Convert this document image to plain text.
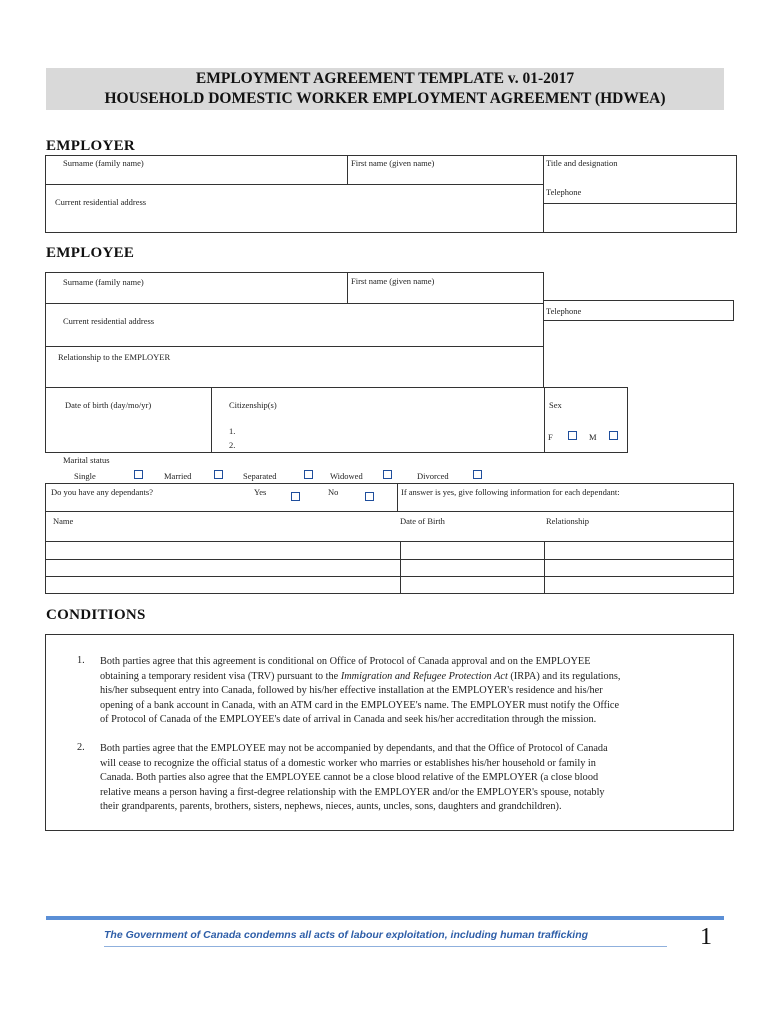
EMPLOYMENT AGREEMENT TEMPLATE v. 01-2017
HOUSEHOLD DOMESTIC WORKER EMPLOYMENT AGREEMENT (HDWEA)
EMPLOYER
Surname (family name)	First name (given name)	Title and designation
Telephone
Current residential address
EMPLOYEE
Surname (family name)	First name (given name)
Telephone
Current residential address
Relationship to the EMPLOYER
Date of birth (day/mo/yr)	Citizenship(s)
1.
2.
Sex
F	M
Marital status
Single	Married	Separated	Widowed	Divorced
Do you have any dependants?	Yes	No	If answer is yes, give following information for each dependant:
Name	Date of Birth	Relationship
CONDITIONS
1. Both parties agree that this agreement is conditional on Office of Protocol of Canada approval and on the EMPLOYEE
obtaining a temporary resident visa (TRV) pursuant to the Immigration and Refugee Protection Act (IRPA) and its regulations,
his/her subsequent entry into Canada, followed by his/her effective installation at the EMPLOYER's residence and his/her
opening of a bank account in Canada, with an ATM card in the EMPLOYEE's name. The EMPLOYER must notify the Office
of Protocol of Canada of the EMPLOYEE's date of arrival in Canada and seek his/her accreditation through the mission.
2. Both parties agree that the EMPLOYEE may not be accompanied by dependants, and that the Office of Protocol of Canada
will cease to recognize the official status of a domestic worker who marries or establishes his/her household or family in
Canada. Both parties also agree that the EMPLOYEE cannot be a close blood relative of the EMPLOYER (a close blood
relative means a person having a first-degree relationship with the EMPLOYER and/or the EMPLOYER's spouse, notably
their grandparents, parents, brothers, sisters, nephews, nieces, aunts, uncles, sons, daughters and grandchildren).
The Government of Canada condemns all acts of labour exploitation, including human trafficking	1
